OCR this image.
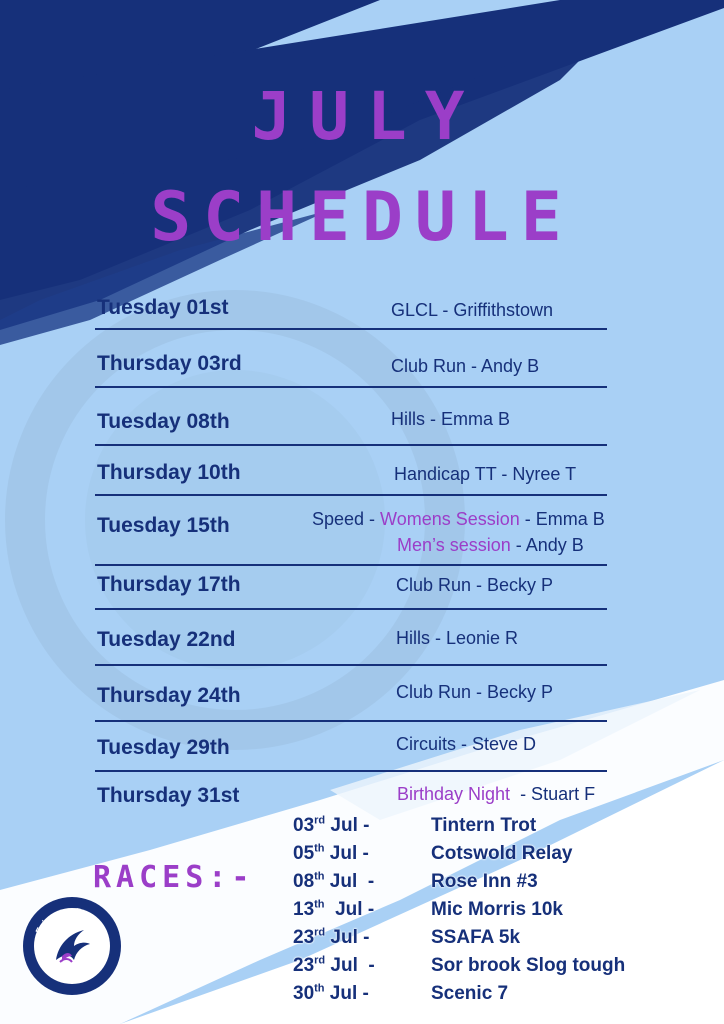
JULY
SCHEDULE
Tuesday 01st	GLCL - Griffithstown
Thursday 03rd	Club Run - Andy B
Tuesday 08th	Hills - Emma B
Thursday 10th	Handicap TT - Nyree T
Tuesday 15th	Speed - Womens Session - Emma B
Men’s session - Andy B
Thursday 17th	Club Run - Becky P
Tuesday 22nd	Hills - Leonie R
Thursday 24th	Club Run - Becky P
Tuesday 29th	Circuits - Steve D
Thursday 31st	Birthday Night  - Stuart F
RACES:-
03rd Jul -	Tintern Trot
05th Jul -	Cotswold Relay
08th Jul  -	Rose Inn #3
13th  Jul -	Mic Morris 10k
23rd Jul -	SSAFA 5k
23rd Jul  -	Sor brook Slog tough
30th Jul -	Scenic 7
Fairwater Runners
CWMBRAN
